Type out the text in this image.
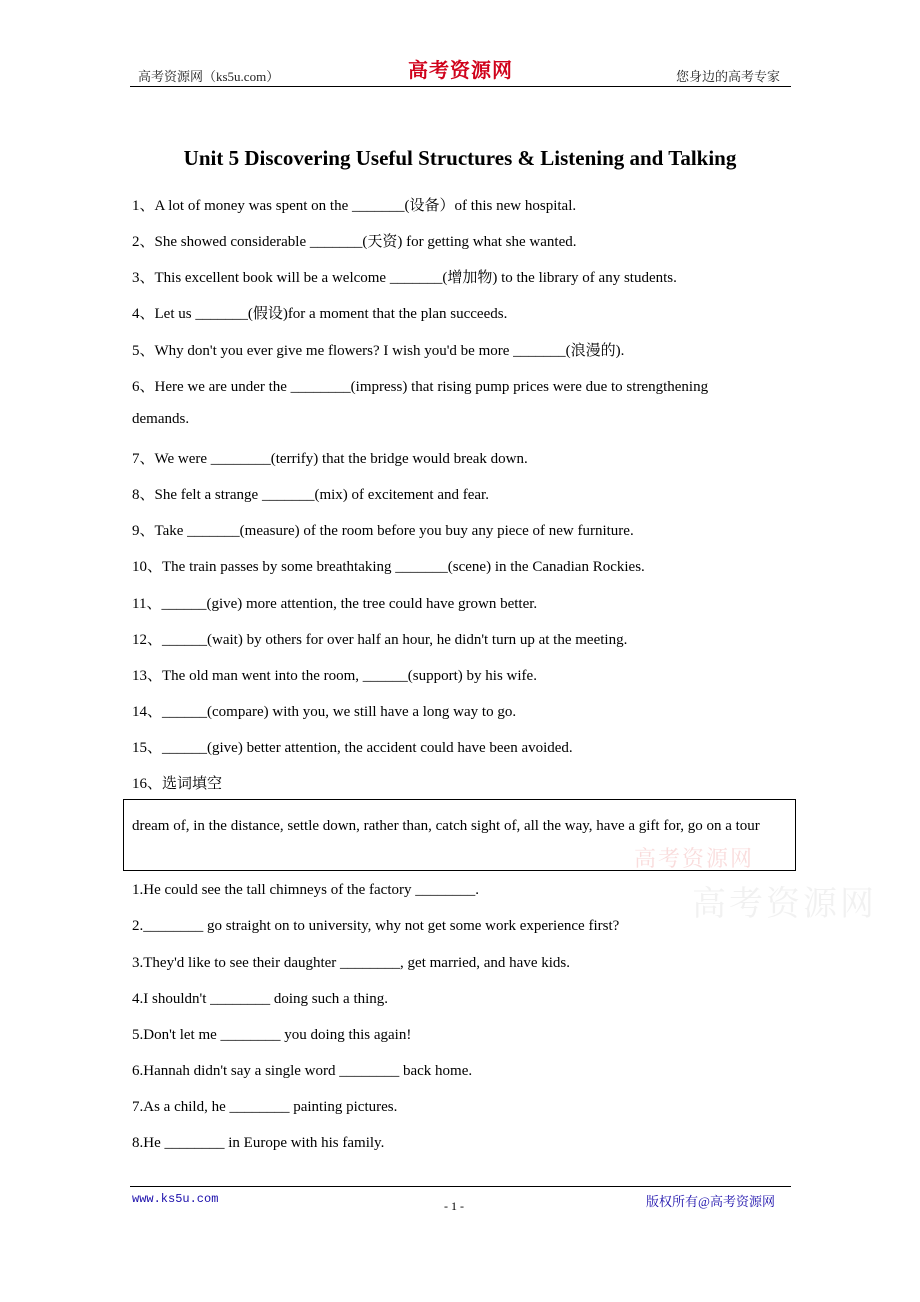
高考资源网（ks5u.com）	高考资源网	您身边的高考专家
Unit 5 Discovering Useful Structures & Listening and Talking
1、A lot of money was spent on the _______(设备）of this new hospital.
2、She showed considerable _______(天资) for getting what she wanted.
3、This excellent book will be a welcome _______(增加物) to the library of any students.
4、Let us _______(假设)for a moment that the plan succeeds.
5、Why don't you ever give me flowers? I wish you'd be more _______(浪漫的).
6、Here we are under the ________(impress) that rising pump prices were due to strengthening
demands.
7、We were ________(terrify) that the bridge would break down.
8、She felt a strange _______(mix) of excitement and fear.
9、Take _______(measure) of the room before you buy any piece of new furniture.
10、The train passes by some breathtaking _______(scene) in the Canadian Rockies.
11、______(give) more attention, the tree could have grown better.
12、______(wait) by others for over half an hour, he didn't turn up at the meeting.
13、The old man went into the room, ______(support) by his wife.
14、______(compare) with you, we still have a long way to go.
15、______(give) better attention, the accident could have been avoided.
16、选词填空
dream of, in the distance, settle down, rather than, catch sight of, all the way, have a gift for, go on a tour
高考资源网
高考资源网
1.He could see the tall chimneys of the factory ________.
2.________ go straight on to university, why not get some work experience first?
3.They'd like to see their daughter ________, get married, and have kids.
4.I shouldn't ________ doing such a thing.
5.Don't let me ________ you doing this again!
6.Hannah didn't say a single word ________ back home.
7.As a child, he ________ painting pictures.
8.He ________ in Europe with his family.
www.ks5u.com	- 1 -	版权所有@高考资源网
